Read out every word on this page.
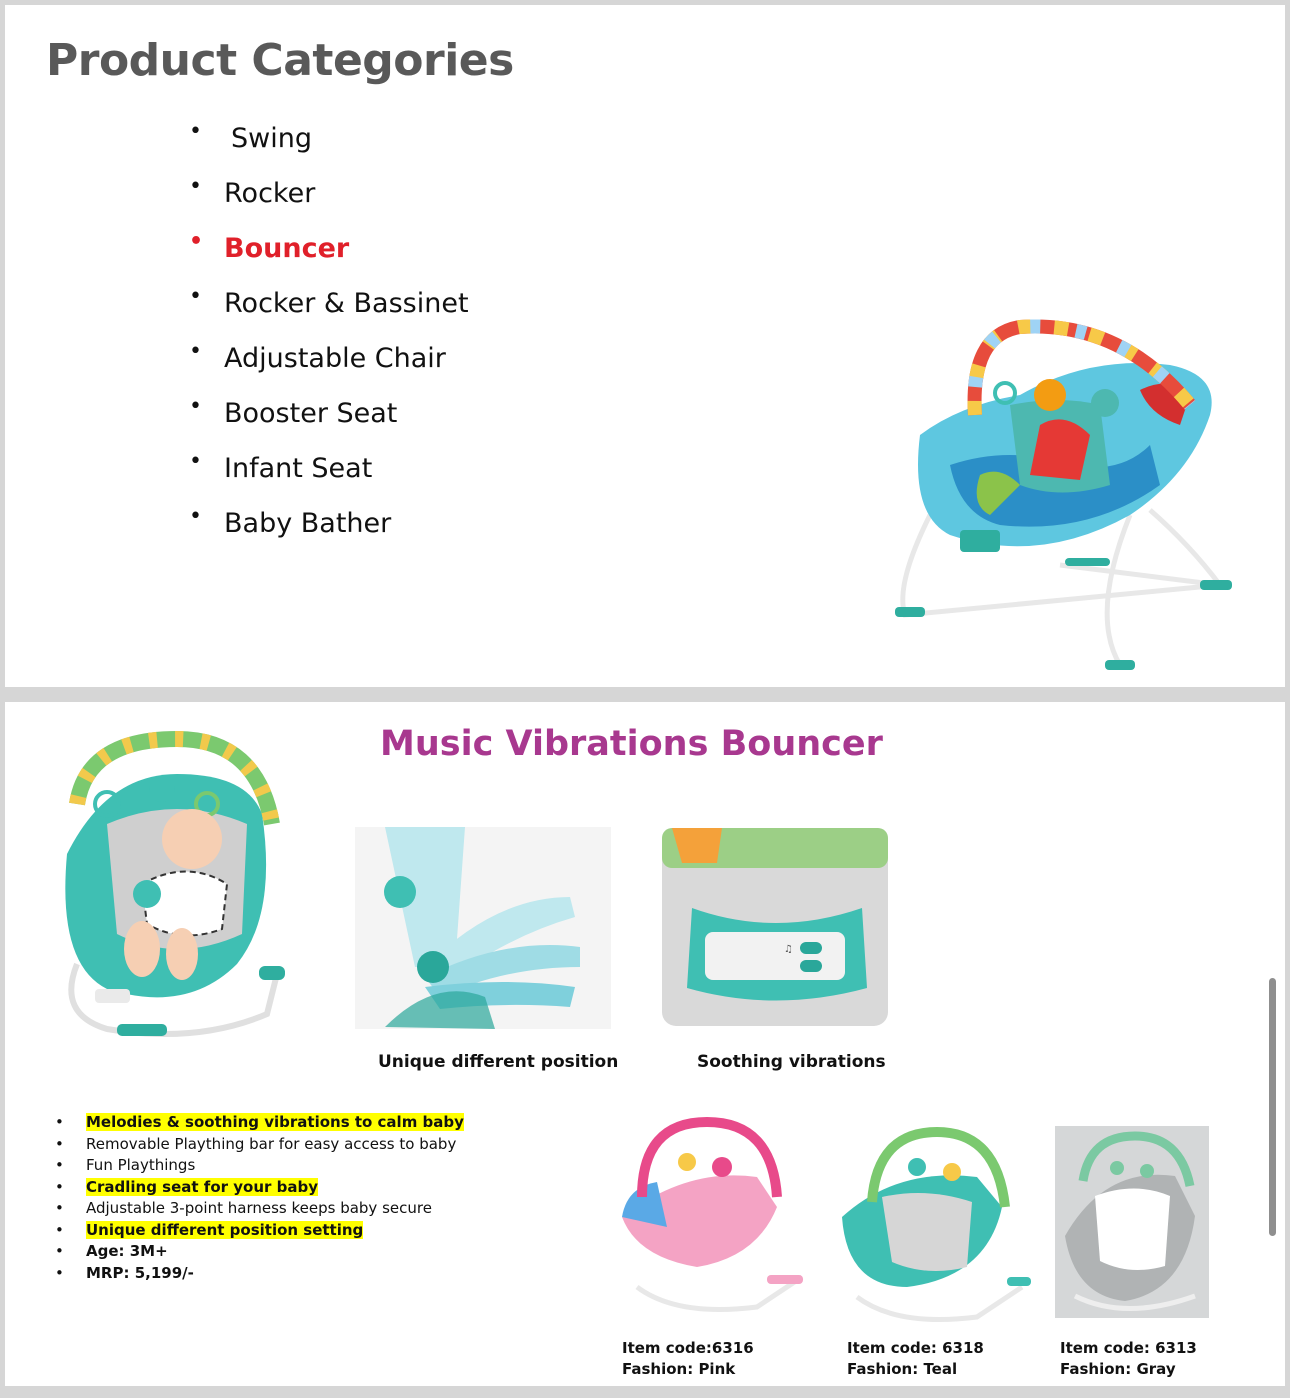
Product Categories
• Swing
• Rocker
• Bouncer
• Rocker & Bassinet
• Adjustable Chair
• Booster Seat
• Infant Seat
• Baby Bather
Music Vibrations Bouncer
Unique different position
♫
Soothing vibrations
• Melodies & soothing vibrations to calm baby
• Removable Plaything bar for easy access to baby
• Fun Playthings
• Cradling seat for your baby
• Adjustable 3-point harness keeps baby secure
• Unique different position setting
• Age: 3M+
• MRP: 5,199/-
Item code:6316
Fashion: Pink
Item code: 6318
Fashion: Teal
Item code: 6313
Fashion: Gray
